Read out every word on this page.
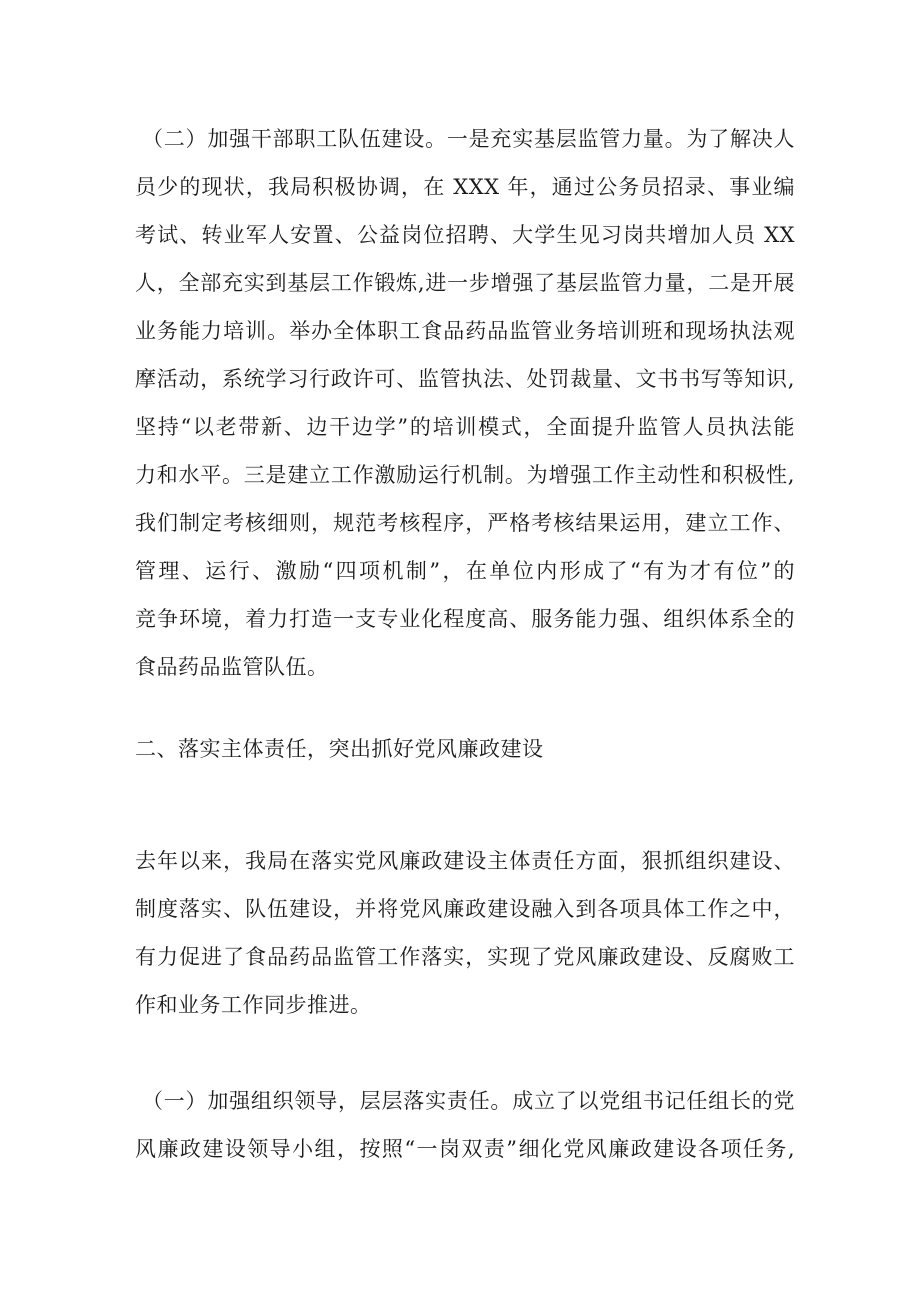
（二）加强干部职工队伍建设。一是充实基层监管力量。为了解决人
员少的现状，我局积极协调，在 XXX 年，通过公务员招录、事业编
考试、转业军人安置、公益岗位招聘、大学生见习岗共增加人员 XX
人，全部充实到基层工作锻炼,进一步增强了基层监管力量，二是开展
业务能力培训。举办全体职工食品药品监管业务培训班和现场执法观
摩活动，系统学习行政许可、监管执法、处罚裁量、文书书写等知识,
坚持“以老带新、边干边学”的培训模式，全面提升监管人员执法能
力和水平。三是建立工作激励运行机制。为增强工作主动性和积极性,
我们制定考核细则，规范考核程序，严格考核结果运用，建立工作、
管理、运行、激励“四项机制”，在单位内形成了“有为才有位”的
竞争环境，着力打造一支专业化程度高、服务能力强、组织体系全的
食品药品监管队伍。
二、落实主体责任，突出抓好党风廉政建设
去年以来，我局在落实党风廉政建设主体责任方面，狠抓组织建设、
制度落实、队伍建设，并将党风廉政建设融入到各项具体工作之中，
有力促进了食品药品监管工作落实，实现了党风廉政建设、反腐败工
作和业务工作同步推进。
（一）加强组织领导，层层落实责任。成立了以党组书记任组长的党
风廉政建设领导小组，按照“一岗双责”细化党风廉政建设各项任务,
